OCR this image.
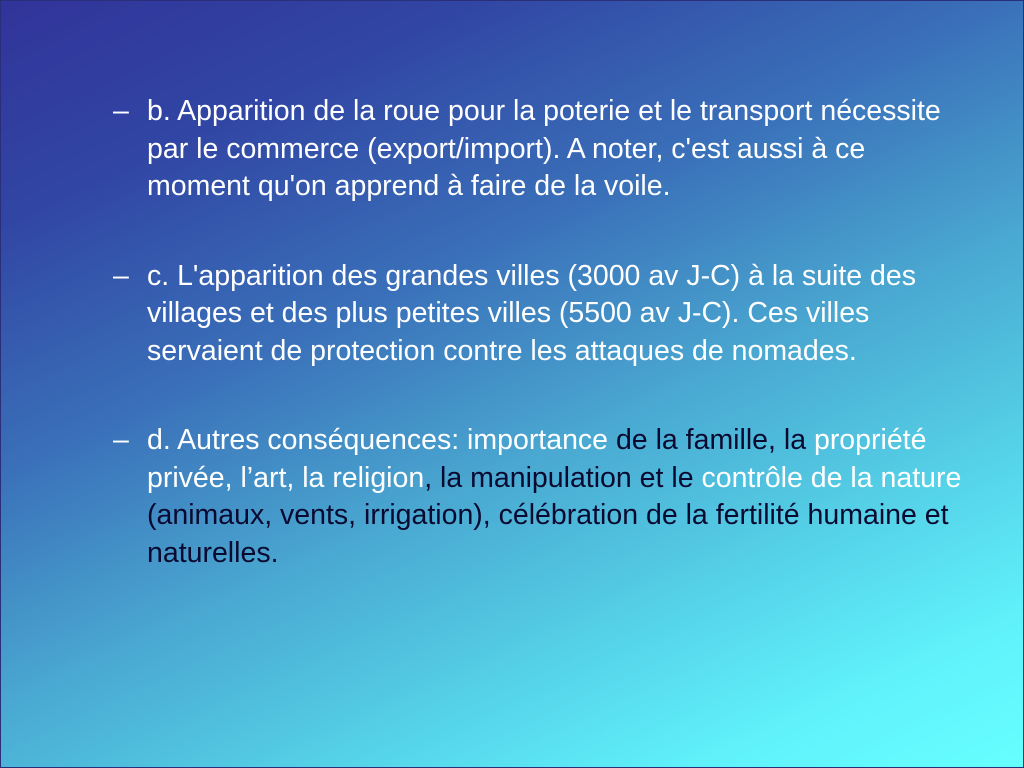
– b. Apparition de la roue pour la poterie et le transport nécessite par le commerce (export/import). A noter, c'est aussi à ce moment qu'on apprend à faire de la voile.
– c. L'apparition des grandes villes (3000 av J-C) à la suite des villages et des plus petites villes (5500 av J-C). Ces villes servaient de protection contre les attaques de nomades.
– d. Autres conséquences: importance de la famille, la propriété privée, l’art, la religion, la manipulation et le contrôle de la nature (animaux, vents, irrigation), célébration de la fertilité humaine et naturelles.
